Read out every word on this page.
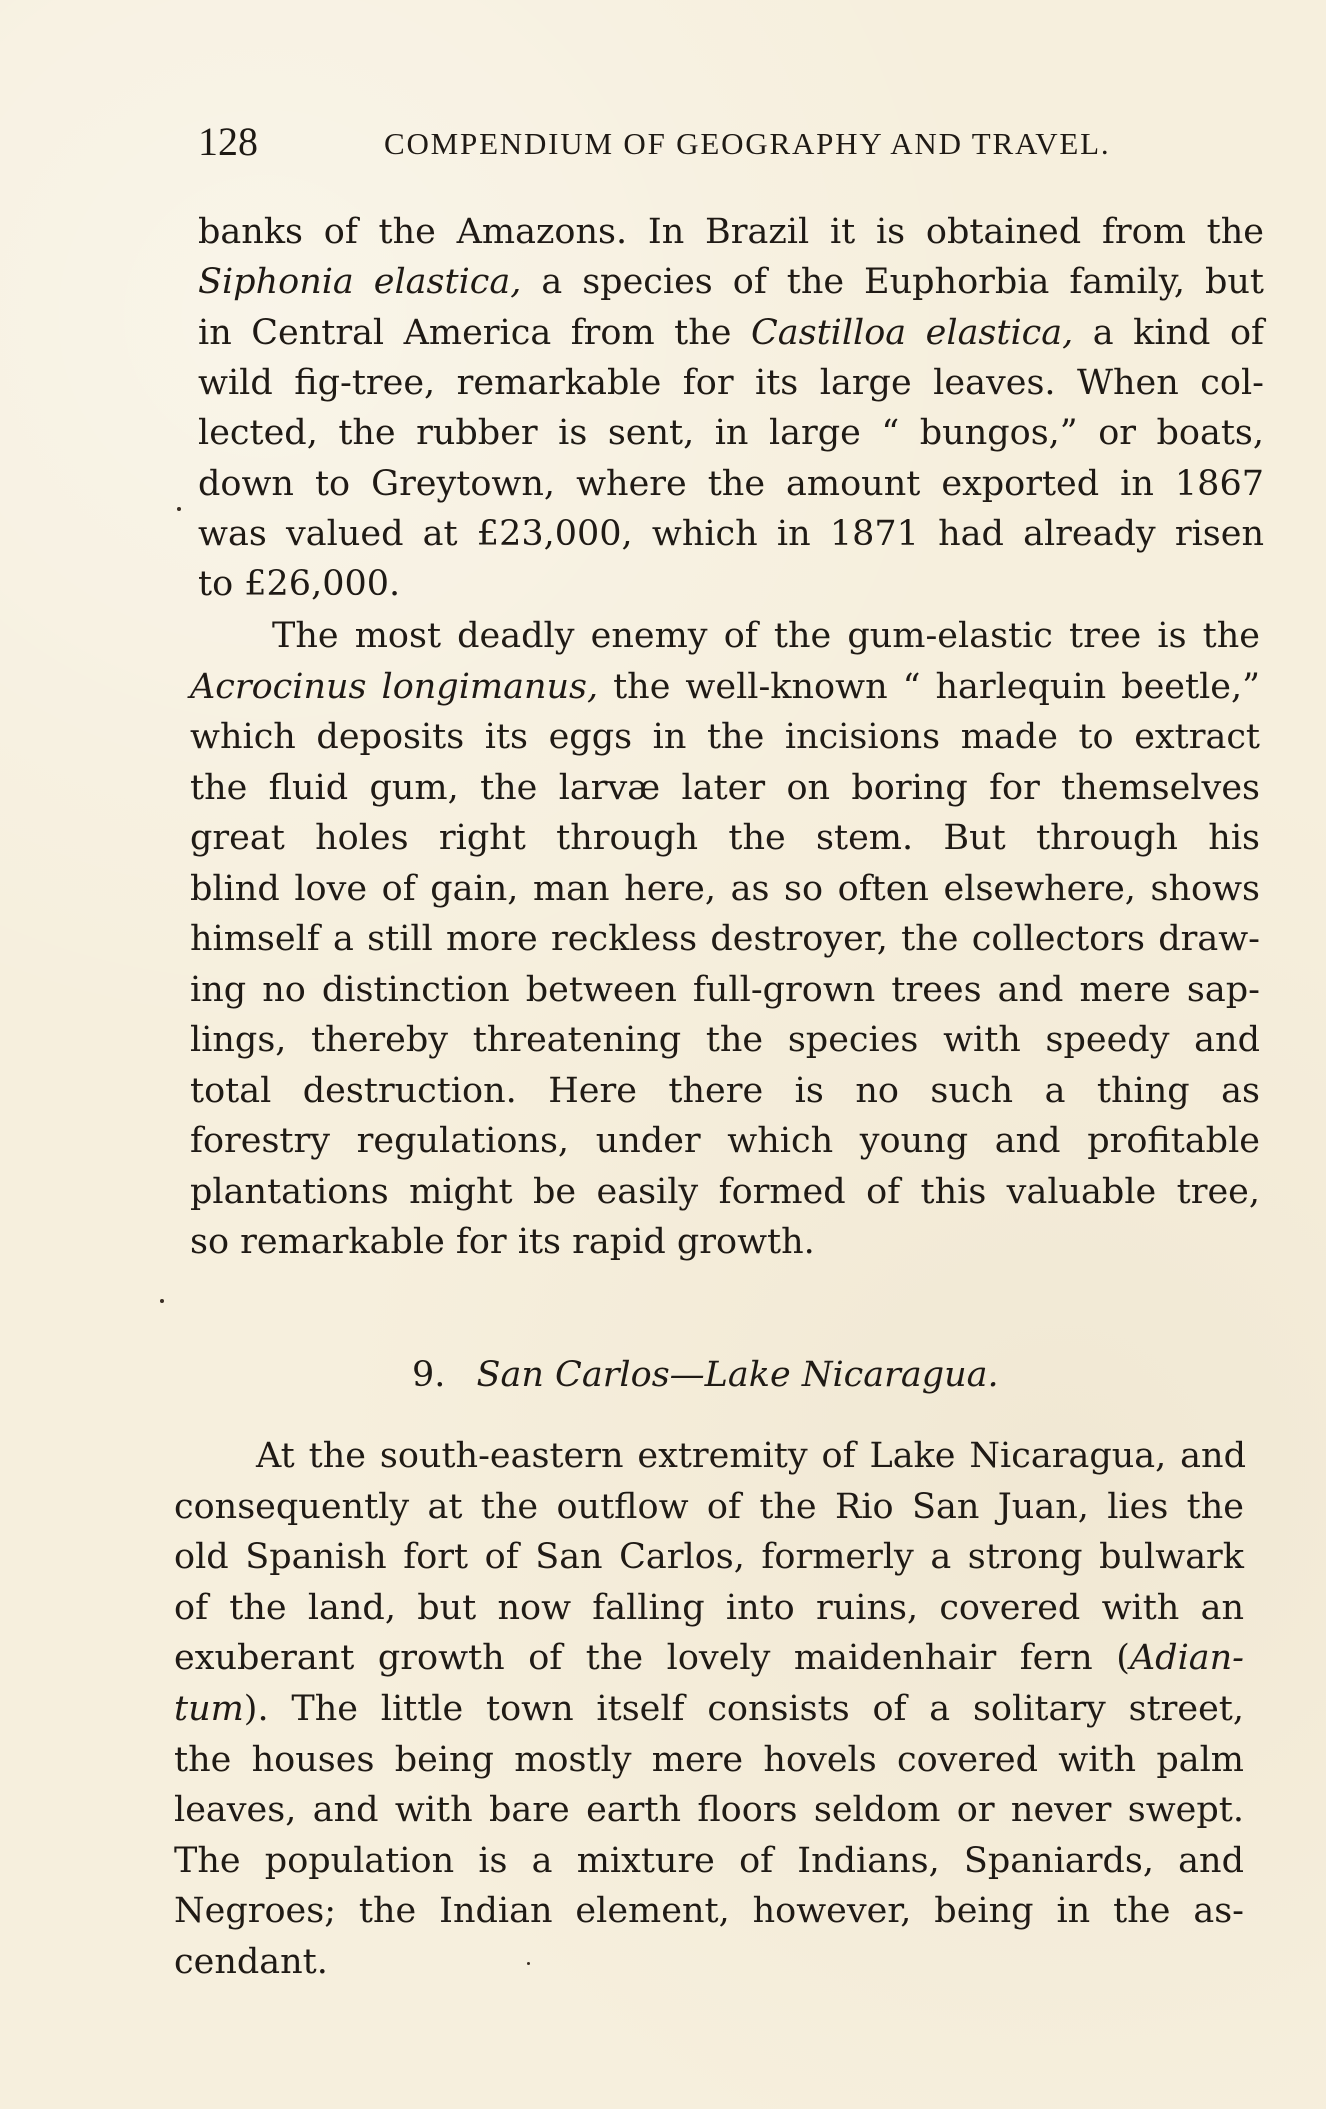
128	COMPENDIUM OF GEOGRAPHY AND TRAVEL.
banks of the Amazons. In Brazil it is obtained from the
Siphonia elastica, a species of the Euphorbia family, but
in Central America from the Castilloa elastica, a kind of
wild fig-tree, remarkable for its large leaves. When col-
lected, the rubber is sent, in large “ bungos,” or boats,
down to Greytown, where the amount exported in 1867
was valued at £23,000, which in 1871 had already risen
to £26,000.
The most deadly enemy of the gum-elastic tree is the
Acrocinus longimanus, the well-known “ harlequin beetle,”
which deposits its eggs in the incisions made to extract
the fluid gum, the larvæ later on boring for themselves
great holes right through the stem. But through his
blind love of gain, man here, as so often elsewhere, shows
himself a still more reckless destroyer, the collectors draw-
ing no distinction between full-grown trees and mere sap-
lings, thereby threatening the species with speedy and
total destruction. Here there is no such a thing as
forestry regulations, under which young and profitable
plantations might be easily formed of this valuable tree,
so remarkable for its rapid growth.
At the south-eastern extremity of Lake Nicaragua, and
consequently at the outflow of the Rio San Juan, lies the
old Spanish fort of San Carlos, formerly a strong bulwark
of the land, but now falling into ruins, covered with an
exuberant growth of the lovely maidenhair fern (Adian-
tum). The little town itself consists of a solitary street,
the houses being mostly mere hovels covered with palm
leaves, and with bare earth floors seldom or never swept.
The population is a mixture of Indians, Spaniards, and
Negroes; the Indian element, however, being in the as-
cendant.
9. San Carlos—Lake Nicaragua.
